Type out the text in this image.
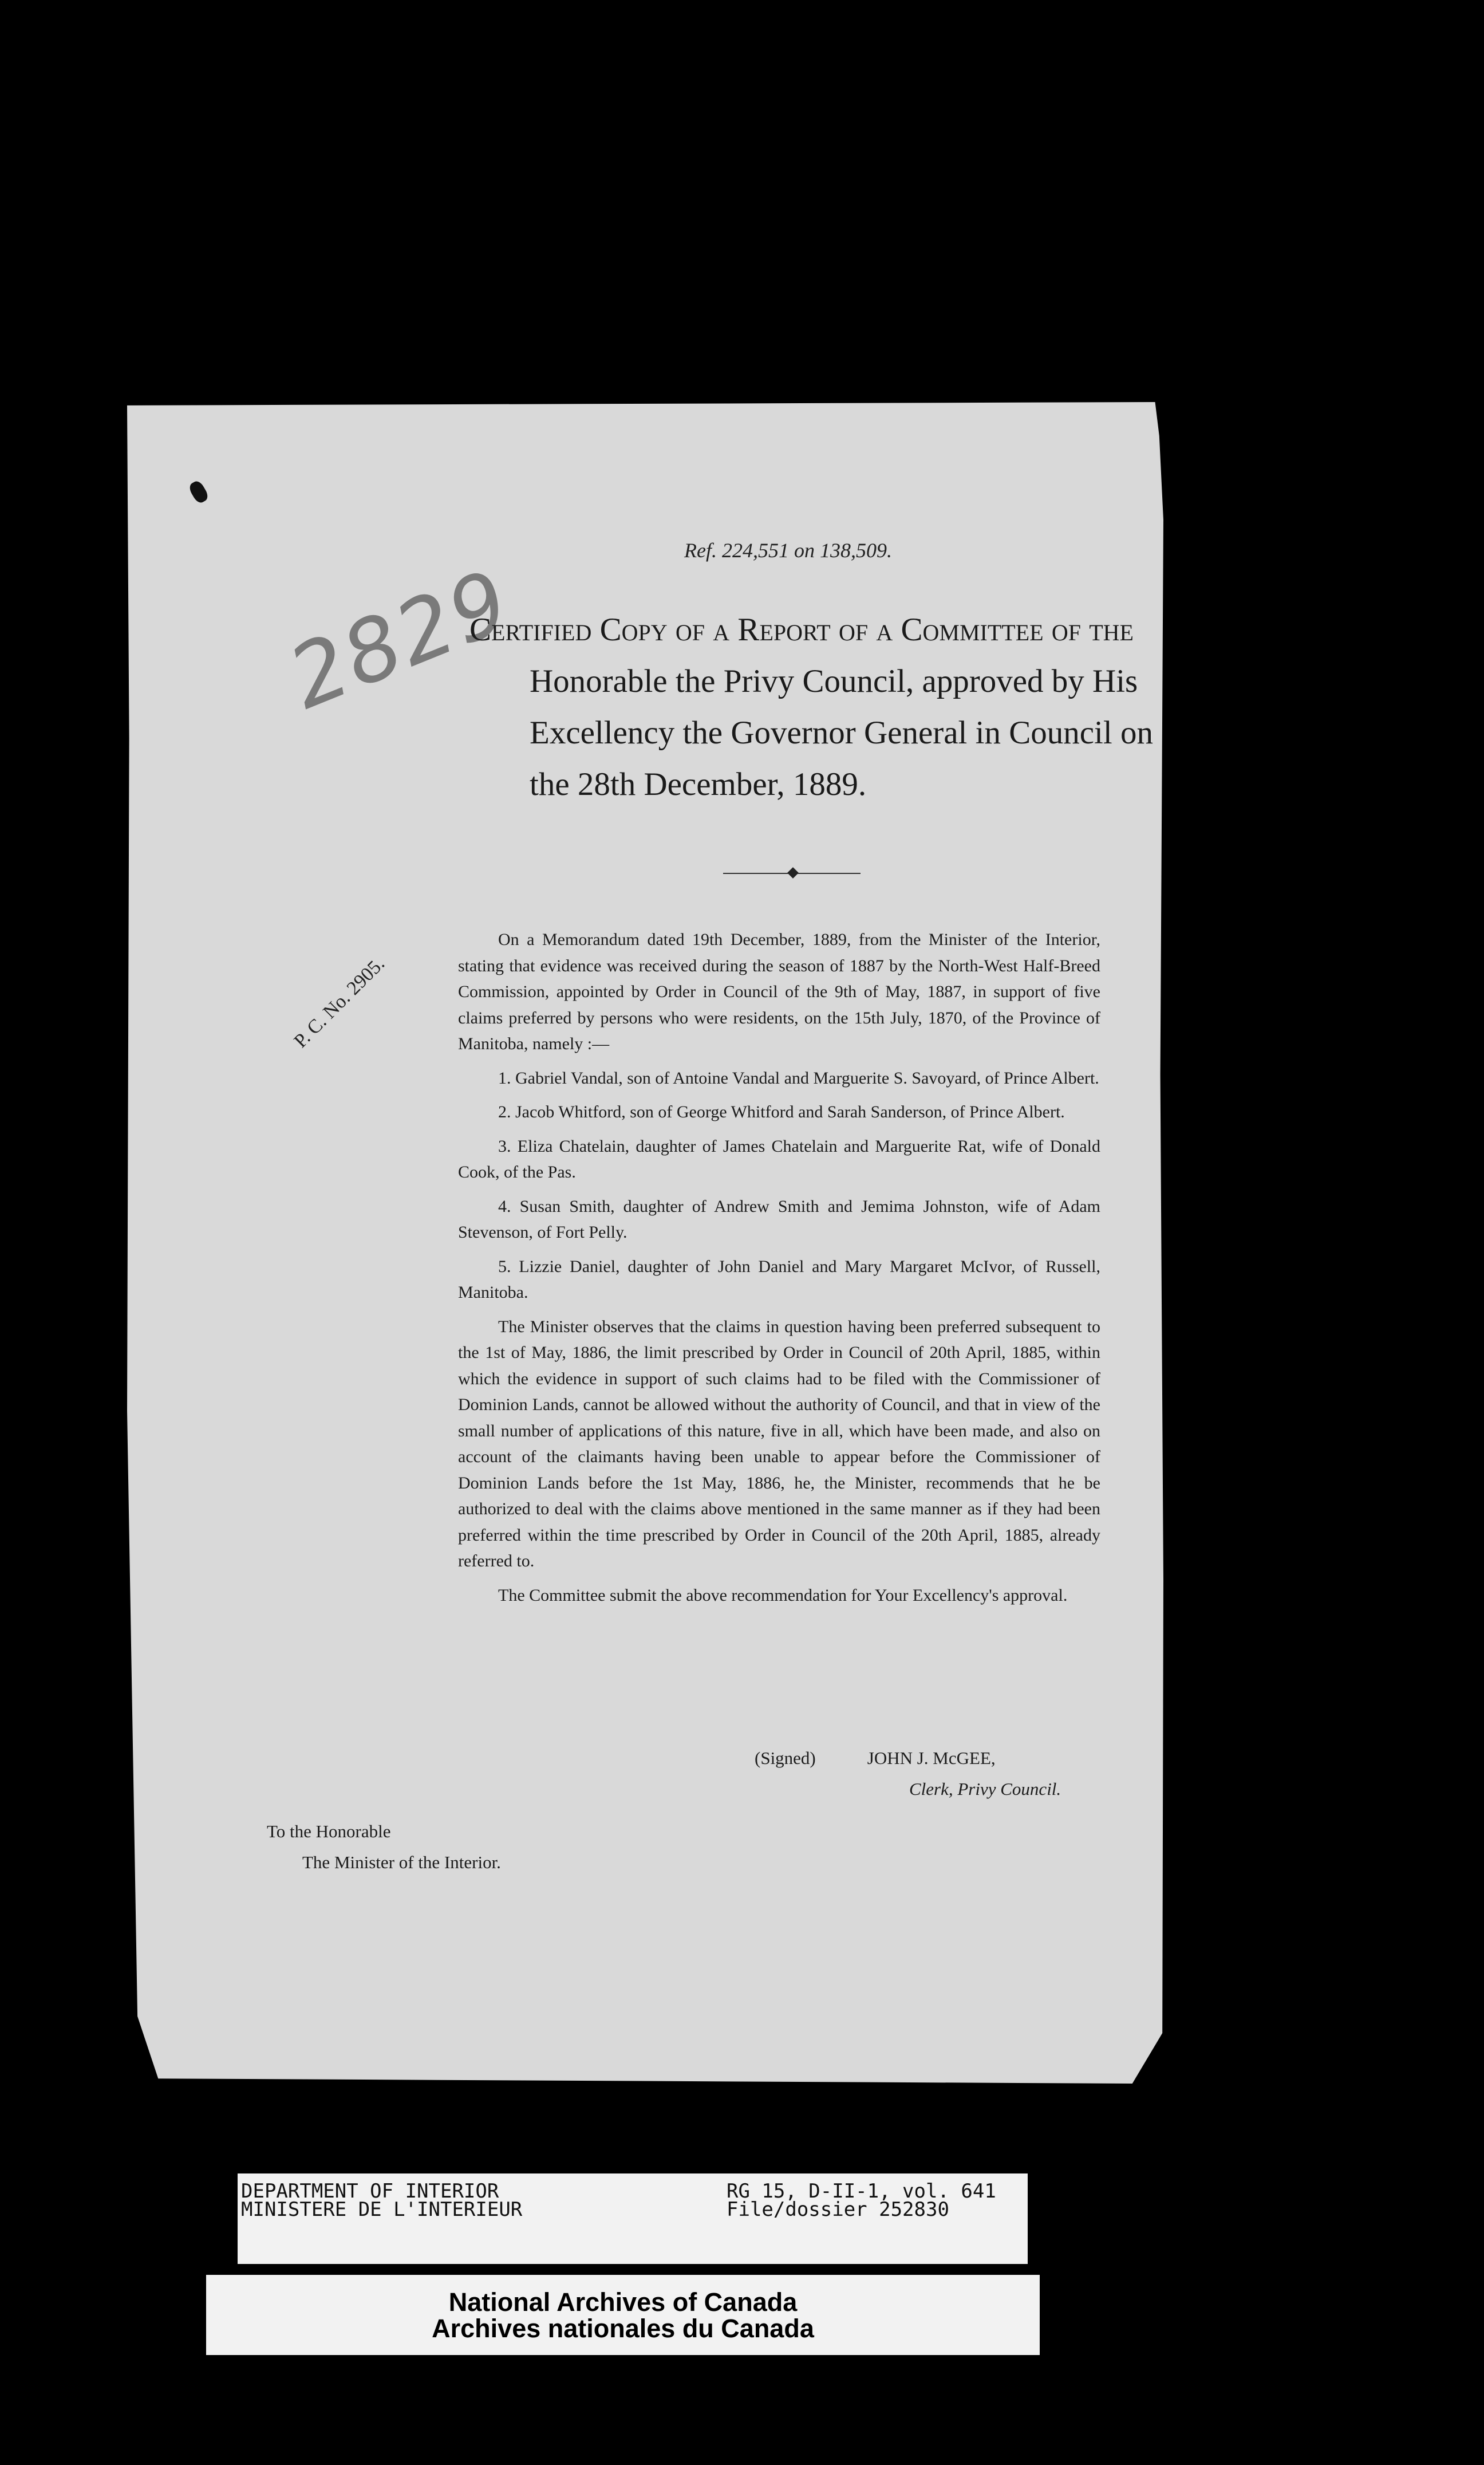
Ref. 224,551 on 138,509.
2829
Certified Copy of a Report of a Committee of the
Honorable the Privy Council, approved by His
Excellency the Governor General in Council on
the 28th December, 1889.
P. C. No. 2905.

On a Memorandum dated 19th December, 1889, from the Minister of the Interior, stating that evidence was received during the season of 1887 by the North-West Half-Breed Commission, appointed by Order in Council of the 9th of May, 1887, in support of five claims preferred by persons who were residents, on the 15th July, 1870, of the Province of Manitoba, namely :—

1. Gabriel Vandal, son of Antoine Vandal and Marguerite S. Savoyard, of Prince Albert.

2. Jacob Whitford, son of George Whitford and Sarah Sanderson, of Prince Albert.

3. Eliza Chatelain, daughter of James Chatelain and Marguerite Rat, wife of Donald Cook, of the Pas.

4. Susan Smith, daughter of Andrew Smith and Jemima Johnston, wife of Adam Stevenson, of Fort Pelly.

5. Lizzie Daniel, daughter of John Daniel and Mary Margaret McIvor, of Russell, Manitoba.

The Minister observes that the claims in question having been preferred subsequent to the 1st of May, 1886, the limit prescribed by Order in Council of 20th April, 1885, within which the evidence in support of such claims had to be filed with the Commissioner of Dominion Lands, cannot be allowed without the authority of Council, and that in view of the small number of applications of this nature, five in all, which have been made, and also on account of the claimants having been unable to appear before the Commissioner of Dominion Lands before the 1st May, 1886, he, the Minister, recommends that he be authorized to deal with the claims above mentioned in the same manner as if they had been preferred within the time prescribed by Order in Council of the 20th April, 1885, already referred to.

The Committee submit the above recommendation for Your Excellency's approval.

(Signed)	JOHN J. McGEE,
Clerk, Privy Council.
To the Honorable
The Minister of the Interior.
DEPARTMENT OF INTERIOR
MINISTERE DE L'INTERIEUR
RG 15, D-II-1, vol. 641
File/dossier 252830
National Archives of Canada
Archives nationales du Canada
